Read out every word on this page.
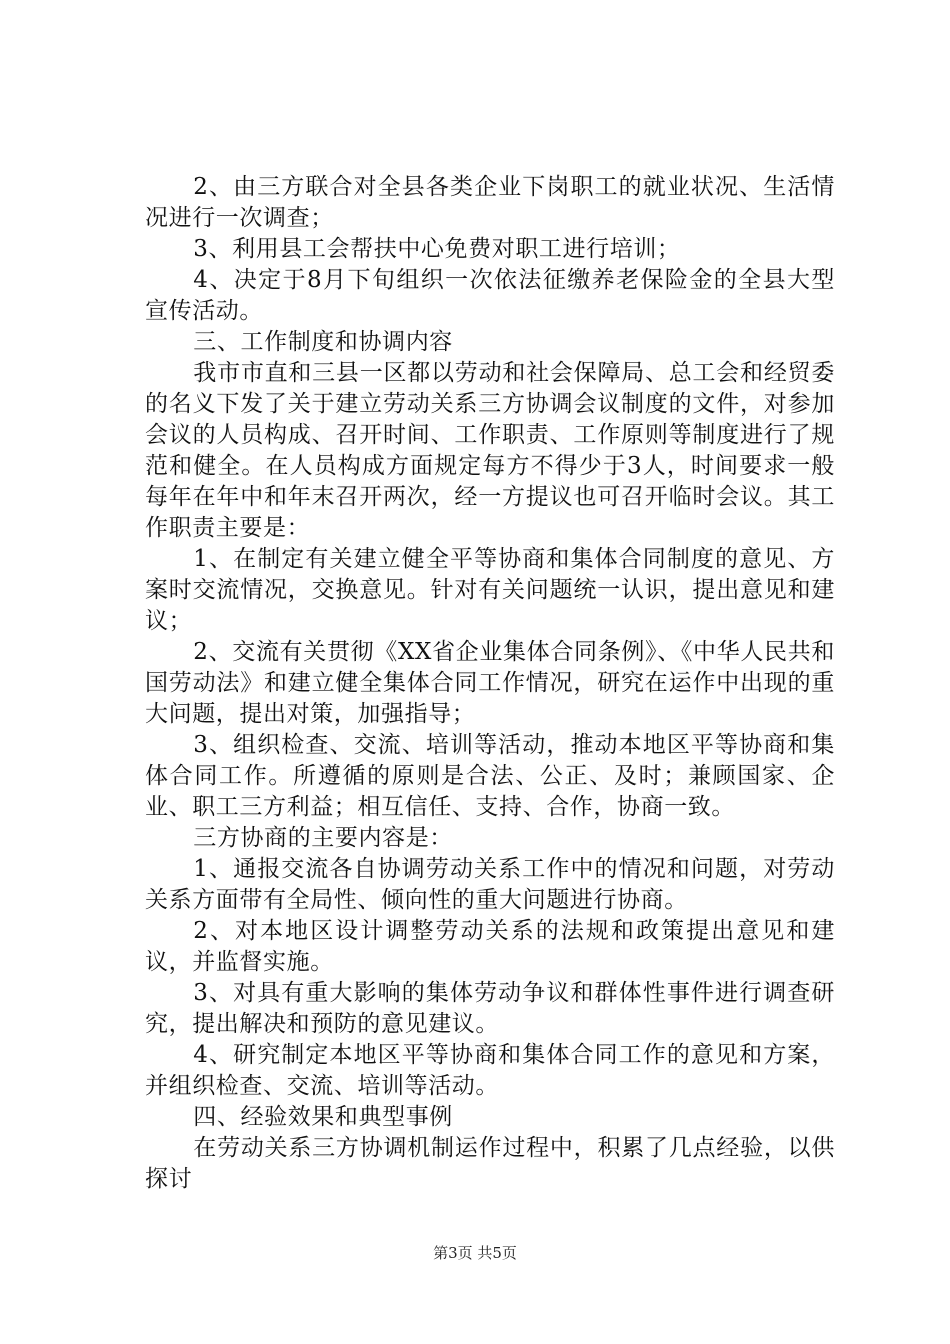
2、由三方联合对全县各类企业下岗职工的就业状况、生活情况进行一次调查；

3、利用县工会帮扶中心免费对职工进行培训；

4、决定于8月下旬组织一次依法征缴养老保险金的全县大型宣传活动。

三、工作制度和协调内容

我市市直和三县一区都以劳动和社会保障局、总工会和经贸委的名义下发了关于建立劳动关系三方协调会议制度的文件，对参加会议的人员构成、召开时间、工作职责、工作原则等制度进行了规范和健全。在人员构成方面规定每方不得少于3人，时间要求一般每年在年中和年末召开两次，经一方提议也可召开临时会议。其工作职责主要是：

1、在制定有关建立健全平等协商和集体合同制度的意见、方案时交流情况，交换意见。针对有关问题统一认识，提出意见和建议；

2、交流有关贯彻《XX省企业集体合同条例》、《中华人民共和国劳动法》和建立健全集体合同工作情况，研究在运作中出现的重大问题，提出对策，加强指导；

3、组织检查、交流、培训等活动，推动本地区平等协商和集体合同工作。所遵循的原则是合法、公正、及时；兼顾国家、企业、职工三方利益；相互信任、支持、合作，协商一致。

三方协商的主要内容是：

1、通报交流各自协调劳动关系工作中的情况和问题，对劳动关系方面带有全局性、倾向性的重大问题进行协商。

2、对本地区设计调整劳动关系的法规和政策提出意见和建议，并监督实施。

3、对具有重大影响的集体劳动争议和群体性事件进行调查研究，提出解决和预防的意见建议。

4、研究制定本地区平等协商和集体合同工作的意见和方案，并组织检查、交流、培训等活动。

四、经验效果和典型事例

在劳动关系三方协调机制运作过程中，积累了几点经验，以供探讨

第3页 共5页
